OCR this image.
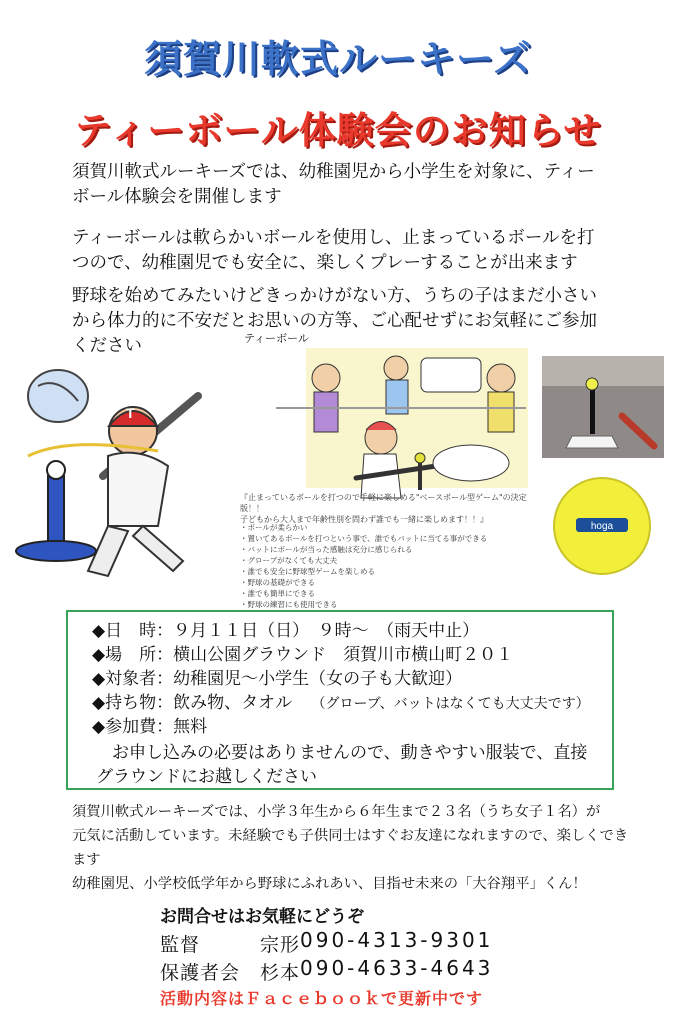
須賀川軟式ルーキーズ
ティーボール体験会のお知らせ
須賀川軟式ルーキーズでは、幼稚園児から小学生を対象に、ティー
ボール体験会を開催します
ティーボールは軟らかいボールを使用し、止まっているボールを打
つので、幼稚園児でも安全に、楽しくプレーすることが出来ます
野球を始めてみたいけどきっかけがない方、うちの子はまだ小さい
から体力的に不安だとお思いの方等、ご心配せずにお気軽にご参加
ください	ティーボール
T
『止まっているボールを打つので手軽に楽しめる"ベースボール型ゲーム"の決定版！！
子どもから大人まで年齢性別を問わず誰でも一緒に楽しめます！！』
・ボールが柔らかい
・置いてあるボールを打つという事で、誰でもバットに当てる事ができる
・バットにボールが当った感触は充分に感じられる
・グローブがなくても大丈夫
・誰でも安全に野球型ゲームを楽しめる
・野球の基礎ができる
・誰でも簡単にできる
・野球の練習にも使用できる
hoga
◆日　時：９月１１日（日）　９時～　（雨天中止）
◆場　所：横山公園グラウンド　須賀川市横山町２０１
◆対象者：幼稚園児～小学生（女の子も大歓迎）
◆持ち物：飲み物、タオル （グローブ、バットはなくても大丈夫です）
◆参加費：無料
お申し込みの必要はありませんので、動きやすい服装で、直接
グラウンドにお越しください
須賀川軟式ルーキーズでは、小学３年生から６年生まで２３名（うち女子１名）が
元気に活動しています。未経験でも子供同士はすぐお友達になれますので、楽しくできます
幼稚園児、小学校低学年から野球にふれあい、目指せ未来の「大谷翔平」くん！
お問合せはお気軽にどうぞ
監督　　　宗形 090-4313-9301
保護者会　杉本 090-4633-4643
活動内容はＦａｃｅｂｏｏｋで更新中です
